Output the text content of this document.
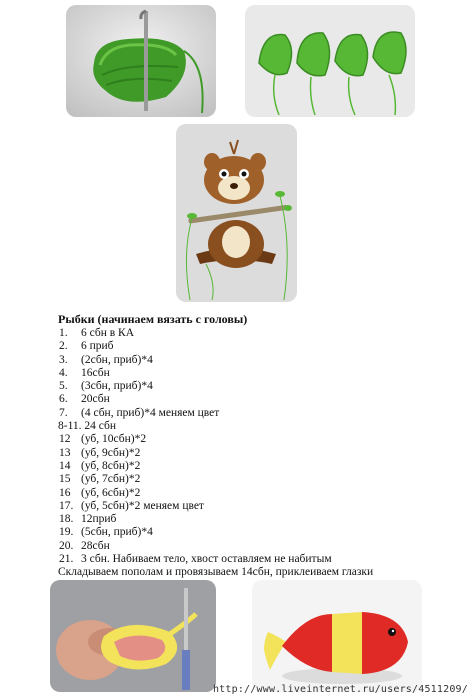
Рыбки (начинаем вязать с головы)
1. 6 сбн в КА
2. 6 приб
3. (2сбн, приб)*4
4. 16сбн
5. (3сбн, приб)*4
6. 20сбн
7. (4 сбн, приб)*4 меняем цвет
8-11. 24 сбн
12 (уб, 10сбн)*2
13 (уб, 9сбн)*2
14 (уб, 8сбн)*2
15 (уб, 7сбн)*2
16 (уб, 6сбн)*2
17. (уб, 5сбн)*2 меняем цвет
18. 12приб
19. (5сбн, приб)*4
20. 28сбн
21. 3 сбн. Набиваем тело, хвост оставляем не набитым
Складываем пополам и провязываем 14сбн, приклеиваем глазки
http://www.liveinternet.ru/users/4511209/
